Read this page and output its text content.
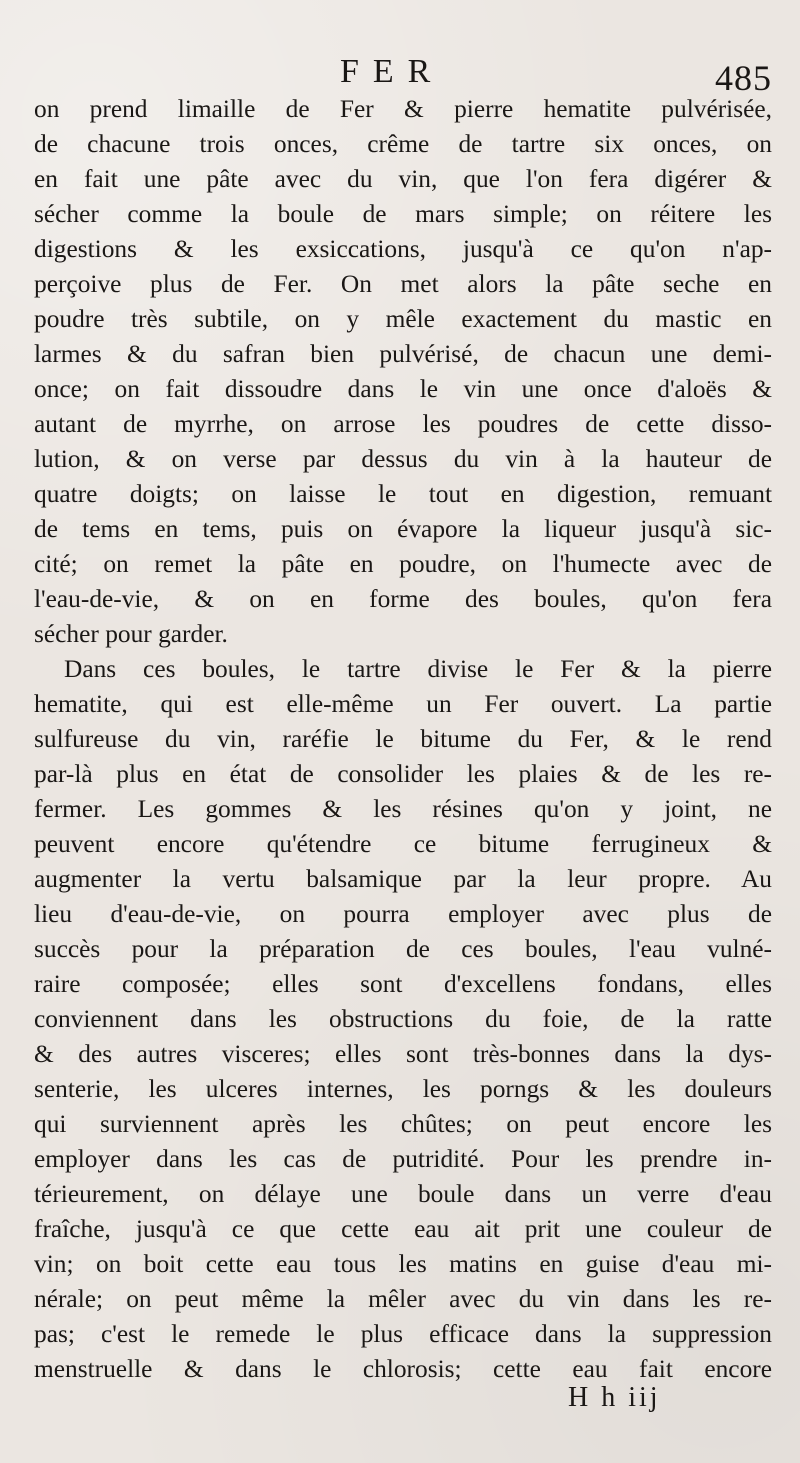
FER	485
on prend limaille de Fer & pierre hematite pulvérisée,
de chacune trois onces, crême de tartre six onces, on
en fait une pâte avec du vin, que l'on fera digérer &
sécher comme la boule de mars simple; on réitere les
digestions & les exsiccations, jusqu'à ce qu'on n'ap-
perçoive plus de Fer. On met alors la pâte seche en
poudre très subtile, on y mêle exactement du mastic en
larmes & du safran bien pulvérisé, de chacun une demi-
once; on fait dissoudre dans le vin une once d'aloës &
autant de myrrhe, on arrose les poudres de cette disso-
lution, & on verse par dessus du vin à la hauteur de
quatre doigts; on laisse le tout en digestion, remuant
de tems en tems, puis on évapore la liqueur jusqu'à sic-
cité; on remet la pâte en poudre, on l'humecte avec de
l'eau-de-vie, & on en forme des boules, qu'on fera
sécher pour garder.
Dans ces boules, le tartre divise le Fer & la pierre
hematite, qui est elle-même un Fer ouvert. La partie
sulfureuse du vin, raréfie le bitume du Fer, & le rend
par-là plus en état de consolider les plaies & de les re-
fermer. Les gommes & les résines qu'on y joint, ne
peuvent encore qu'étendre ce bitume ferrugineux &
augmenter la vertu balsamique par la leur propre. Au
lieu d'eau-de-vie, on pourra employer avec plus de
succès pour la préparation de ces boules, l'eau vulné-
raire composée; elles sont d'excellens fondans, elles
conviennent dans les obstructions du foie, de la ratte
& des autres visceres; elles sont très-bonnes dans la dys-
senterie, les ulceres internes, les porngs & les douleurs
qui surviennent après les chûtes; on peut encore les
employer dans les cas de putridité. Pour les prendre in-
térieurement, on délaye une boule dans un verre d'eau
fraîche, jusqu'à ce que cette eau ait prit une couleur de
vin; on boit cette eau tous les matins en guise d'eau mi-
nérale; on peut même la mêler avec du vin dans les re-
pas; c'est le remede le plus efficace dans la suppression
menstruelle & dans le chlorosis; cette eau fait encore
H h iij
